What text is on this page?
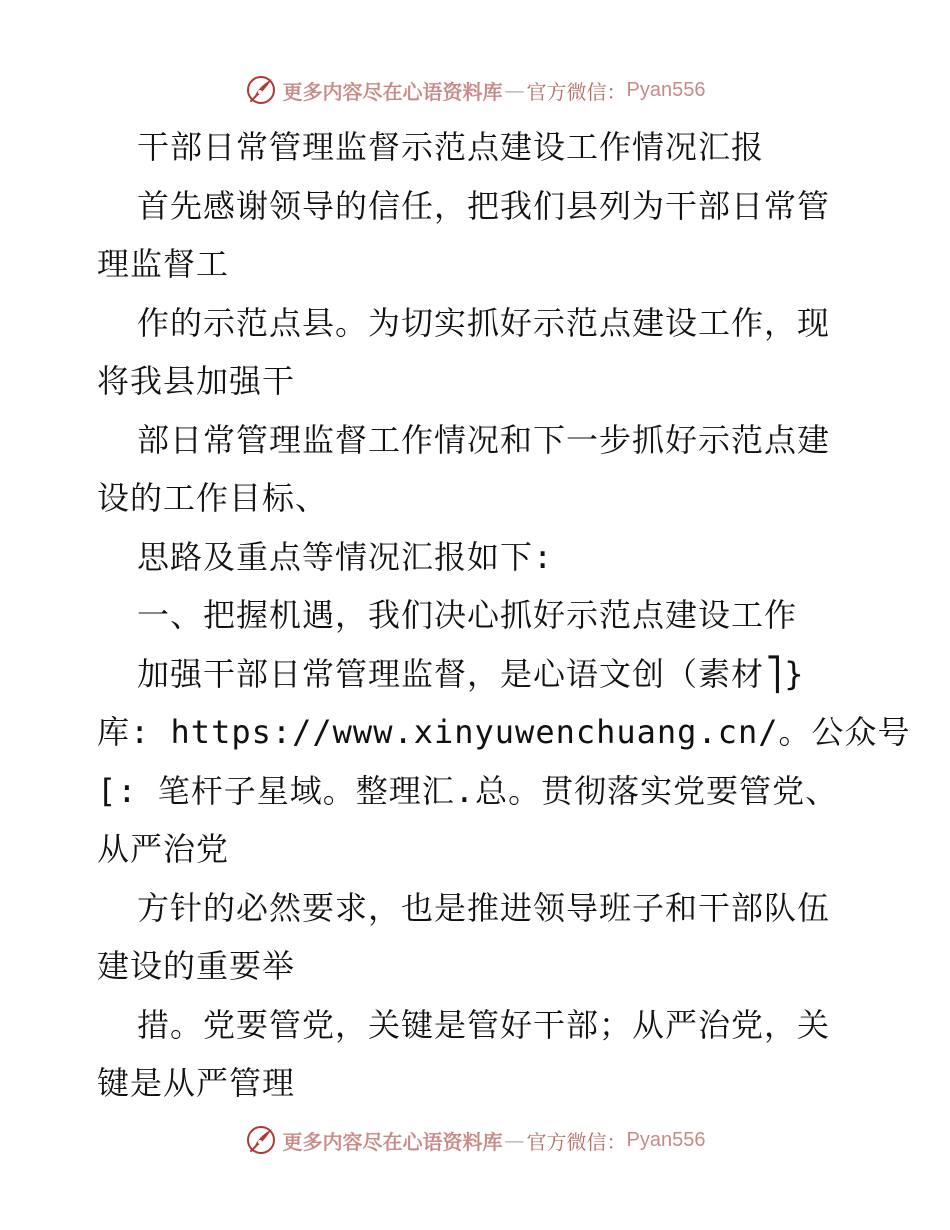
更多内容尽在心语资料库 — 官方微信： Pyan556
干部日常管理监督示范点建设工作情况汇报
首先感谢领导的信任，把我们县列为干部日常管
理监督工
作的示范点县。为切实抓好示范点建设工作，现
将我县加强干
部日常管理监督工作情况和下一步抓好示范点建
设的工作目标、
思路及重点等情况汇报如下:
一、把握机遇，我们决心抓好示范点建设工作
加强干部日常管理监督，是心语文创（素材⎤}
库: https://www.xinyuwenchuang.cn/。公众号
[: 笔杆子星域。整理汇.总。贯彻落实党要管党、
从严治党
方针的必然要求，也是推进领导班子和干部队伍
建设的重要举
措。党要管党，关键是管好干部；从严治党，关
键是从严管理
更多内容尽在心语资料库 — 官方微信： Pyan556
